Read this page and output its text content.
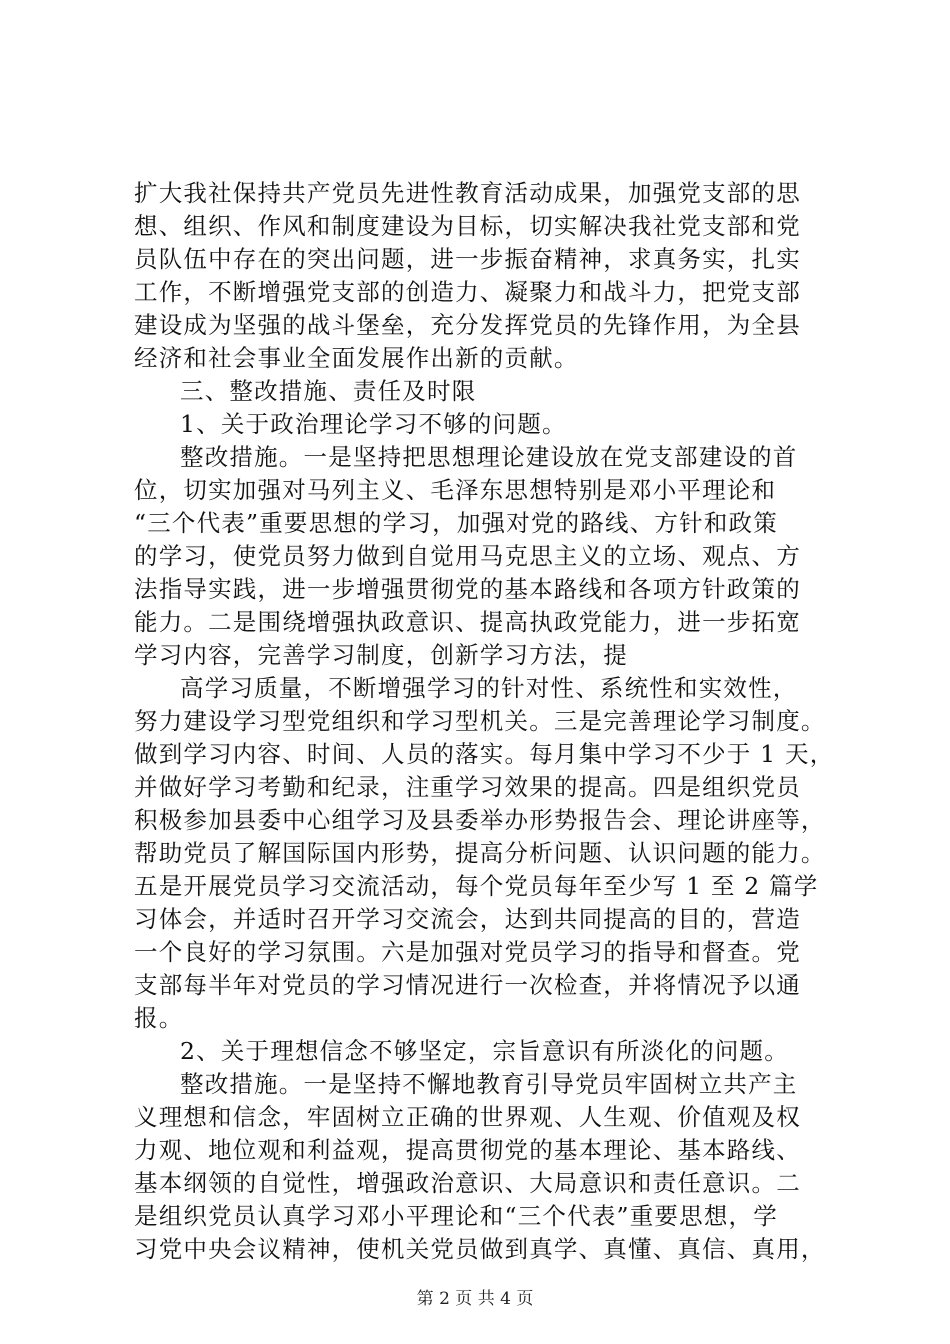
扩大我社保持共产党员先进性教育活动成果，加强党支部的思
想、组织、作风和制度建设为目标，切实解决我社党支部和党
员队伍中存在的突出问题，进一步振奋精神，求真务实，扎实
工作，不断增强党支部的创造力、凝聚力和战斗力，把党支部
建设成为坚强的战斗堡垒，充分发挥党员的先锋作用，为全县
经济和社会事业全面发展作出新的贡献。
三、整改措施、责任及时限
1、关于政治理论学习不够的问题。
整改措施。一是坚持把思想理论建设放在党支部建设的首
位，切实加强对马列主义、毛泽东思想特别是邓小平理论和
“三个代表”重要思想的学习，加强对党的路线、方针和政策
的学习，使党员努力做到自觉用马克思主义的立场、观点、方
法指导实践，进一步增强贯彻党的基本路线和各项方针政策的
能力。二是围绕增强执政意识、提高执政党能力，进一步拓宽
学习内容，完善学习制度，创新学习方法，提
高学习质量，不断增强学习的针对性、系统性和实效性，
努力建设学习型党组织和学习型机关。三是完善理论学习制度。
做到学习内容、时间、人员的落实。每月集中学习不少于 1 天，
并做好学习考勤和纪录，注重学习效果的提高。四是组织党员
积极参加县委中心组学习及县委举办形势报告会、理论讲座等，
帮助党员了解国际国内形势，提高分析问题、认识问题的能力。
五是开展党员学习交流活动，每个党员每年至少写 1 至 2 篇学
习体会，并适时召开学习交流会，达到共同提高的目的，营造
一个良好的学习氛围。六是加强对党员学习的指导和督查。党
支部每半年对党员的学习情况进行一次检查，并将情况予以通
报。
2、关于理想信念不够坚定，宗旨意识有所淡化的问题。
整改措施。一是坚持不懈地教育引导党员牢固树立共产主
义理想和信念，牢固树立正确的世界观、人生观、价值观及权
力观、地位观和利益观，提高贯彻党的基本理论、基本路线、
基本纲领的自觉性，增强政治意识、大局意识和责任意识。二
是组织党员认真学习邓小平理论和“三个代表”重要思想，学
习党中央会议精神，使机关党员做到真学、真懂、真信、真用，
第 2 页 共 4 页
